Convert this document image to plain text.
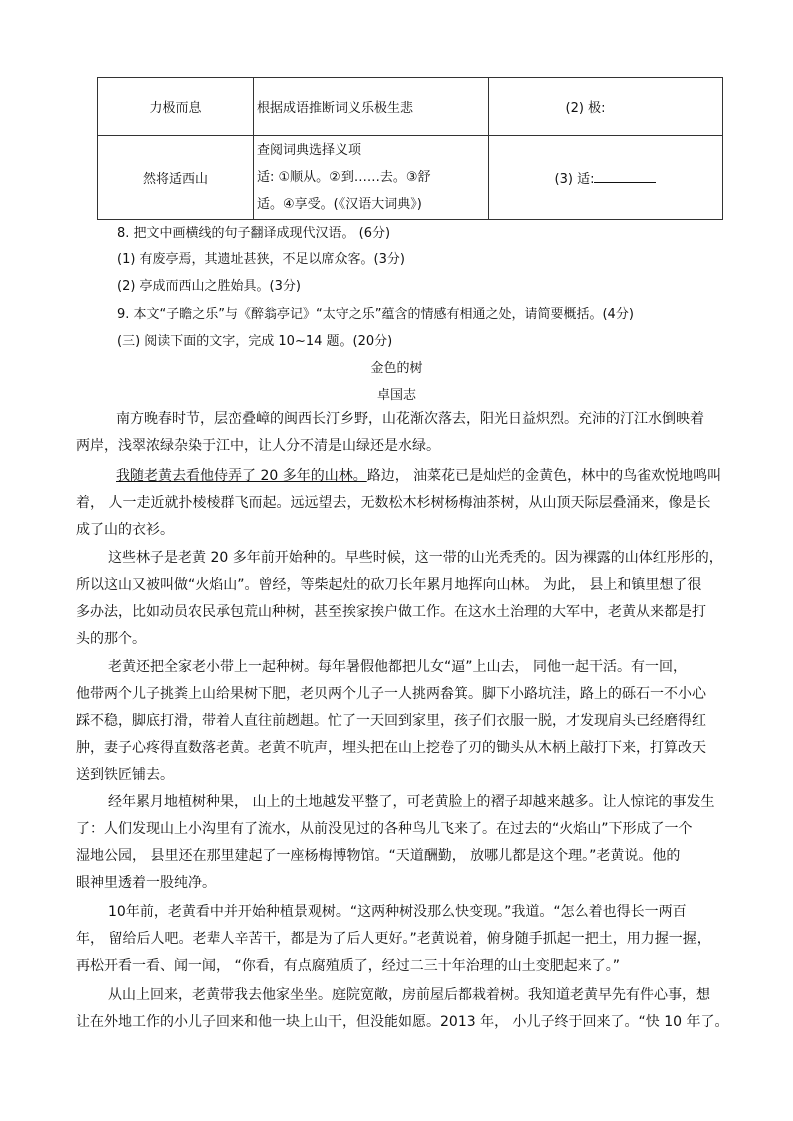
力极而息	根据成语推断词义乐极生悲	(2) 极:
然将适西山	查阅词典选择义项
适: ①顺从。②到……去。③舒
适。④享受。(《汉语大词典》)	(3) 适:
8. 把文中画横线的句子翻译成现代汉语。 (6分)
(1) 有废亭焉，其遗址甚狭，不足以席众客。(3分)
(2) 亭成而西山之胜始具。(3分)
9. 本文“子瞻之乐”与《醉翁亭记》“太守之乐”蕴含的情感有相通之处，请简要概括。(4分)
(三) 阅读下面的文字，完成 10~14 题。(20分)
金色的树
卓国志
南方晚春时节，层峦叠嶂的闽西长汀乡野，山花渐次落去，阳光日益炽烈。充沛的汀江水倒映着
两岸，浅翠浓绿杂染于江中，让人分不清是山绿还是水绿。
我随老黄去看他侍弄了 20 多年的山林。路边， 油菜花已是灿烂的金黄色，林中的鸟雀欢悦地鸣叫
着， 人一走近就扑棱棱群飞而起。远远望去，无数松木杉树杨梅油茶树，从山顶天际层叠涌来，像是长
成了山的衣衫。
这些林子是老黄 20 多年前开始种的。早些时候，这一带的山光秃秃的。因为裸露的山体红彤彤的，
所以这山又被叫做“火焰山”。曾经，等柴起灶的砍刀长年累月地挥向山林。 为此， 县上和镇里想了很
多办法，比如动员农民承包荒山种树，甚至挨家挨户做工作。在这水土治理的大军中，老黄从来都是打
头的那个。
老黄还把全家老小带上一起种树。每年暑假他都把儿女“逼”上山去， 同他一起干活。有一回，
他带两个儿子挑粪上山给果树下肥，老贝两个儿子一人挑两畚箕。脚下小路坑洼，路上的砾石一不小心
踩不稳，脚底打滑，带着人直往前趔趄。忙了一天回到家里，孩子们衣服一脱，才发现肩头已经磨得红
肿，妻子心疼得直数落老黄。老黄不吭声，埋头把在山上挖卷了刃的锄头从木柄上敲打下来，打算改天
送到铁匠铺去。
经年累月地植树种果， 山上的土地越发平整了，可老黄脸上的褶子却越来越多。让人惊诧的事发生
了：人们发现山上小沟里有了流水，从前没见过的各种鸟儿飞来了。在过去的“火焰山”下形成了一个
湿地公园， 县里还在那里建起了一座杨梅博物馆。“天道酬勤， 放哪儿都是这个理。”老黄说。他的
眼神里透着一股纯净。
10年前，老黄看中并开始种植景观树。“这两种树没那么快变现。”我道。“怎么着也得长一两百
年， 留给后人吧。老辈人辛苦干，都是为了后人更好。”老黄说着，俯身随手抓起一把土，用力握一握，
再松开看一看、闻一闻， “你看，有点腐殖质了，经过二三十年治理的山土变肥起来了。”
从山上回来，老黄带我去他家坐坐。庭院宽敞，房前屋后都栽着树。我知道老黄早先有件心事，想
让在外地工作的小儿子回来和他一块上山干，但没能如愿。2013 年， 小儿子终于回来了。“快 10 年了。
